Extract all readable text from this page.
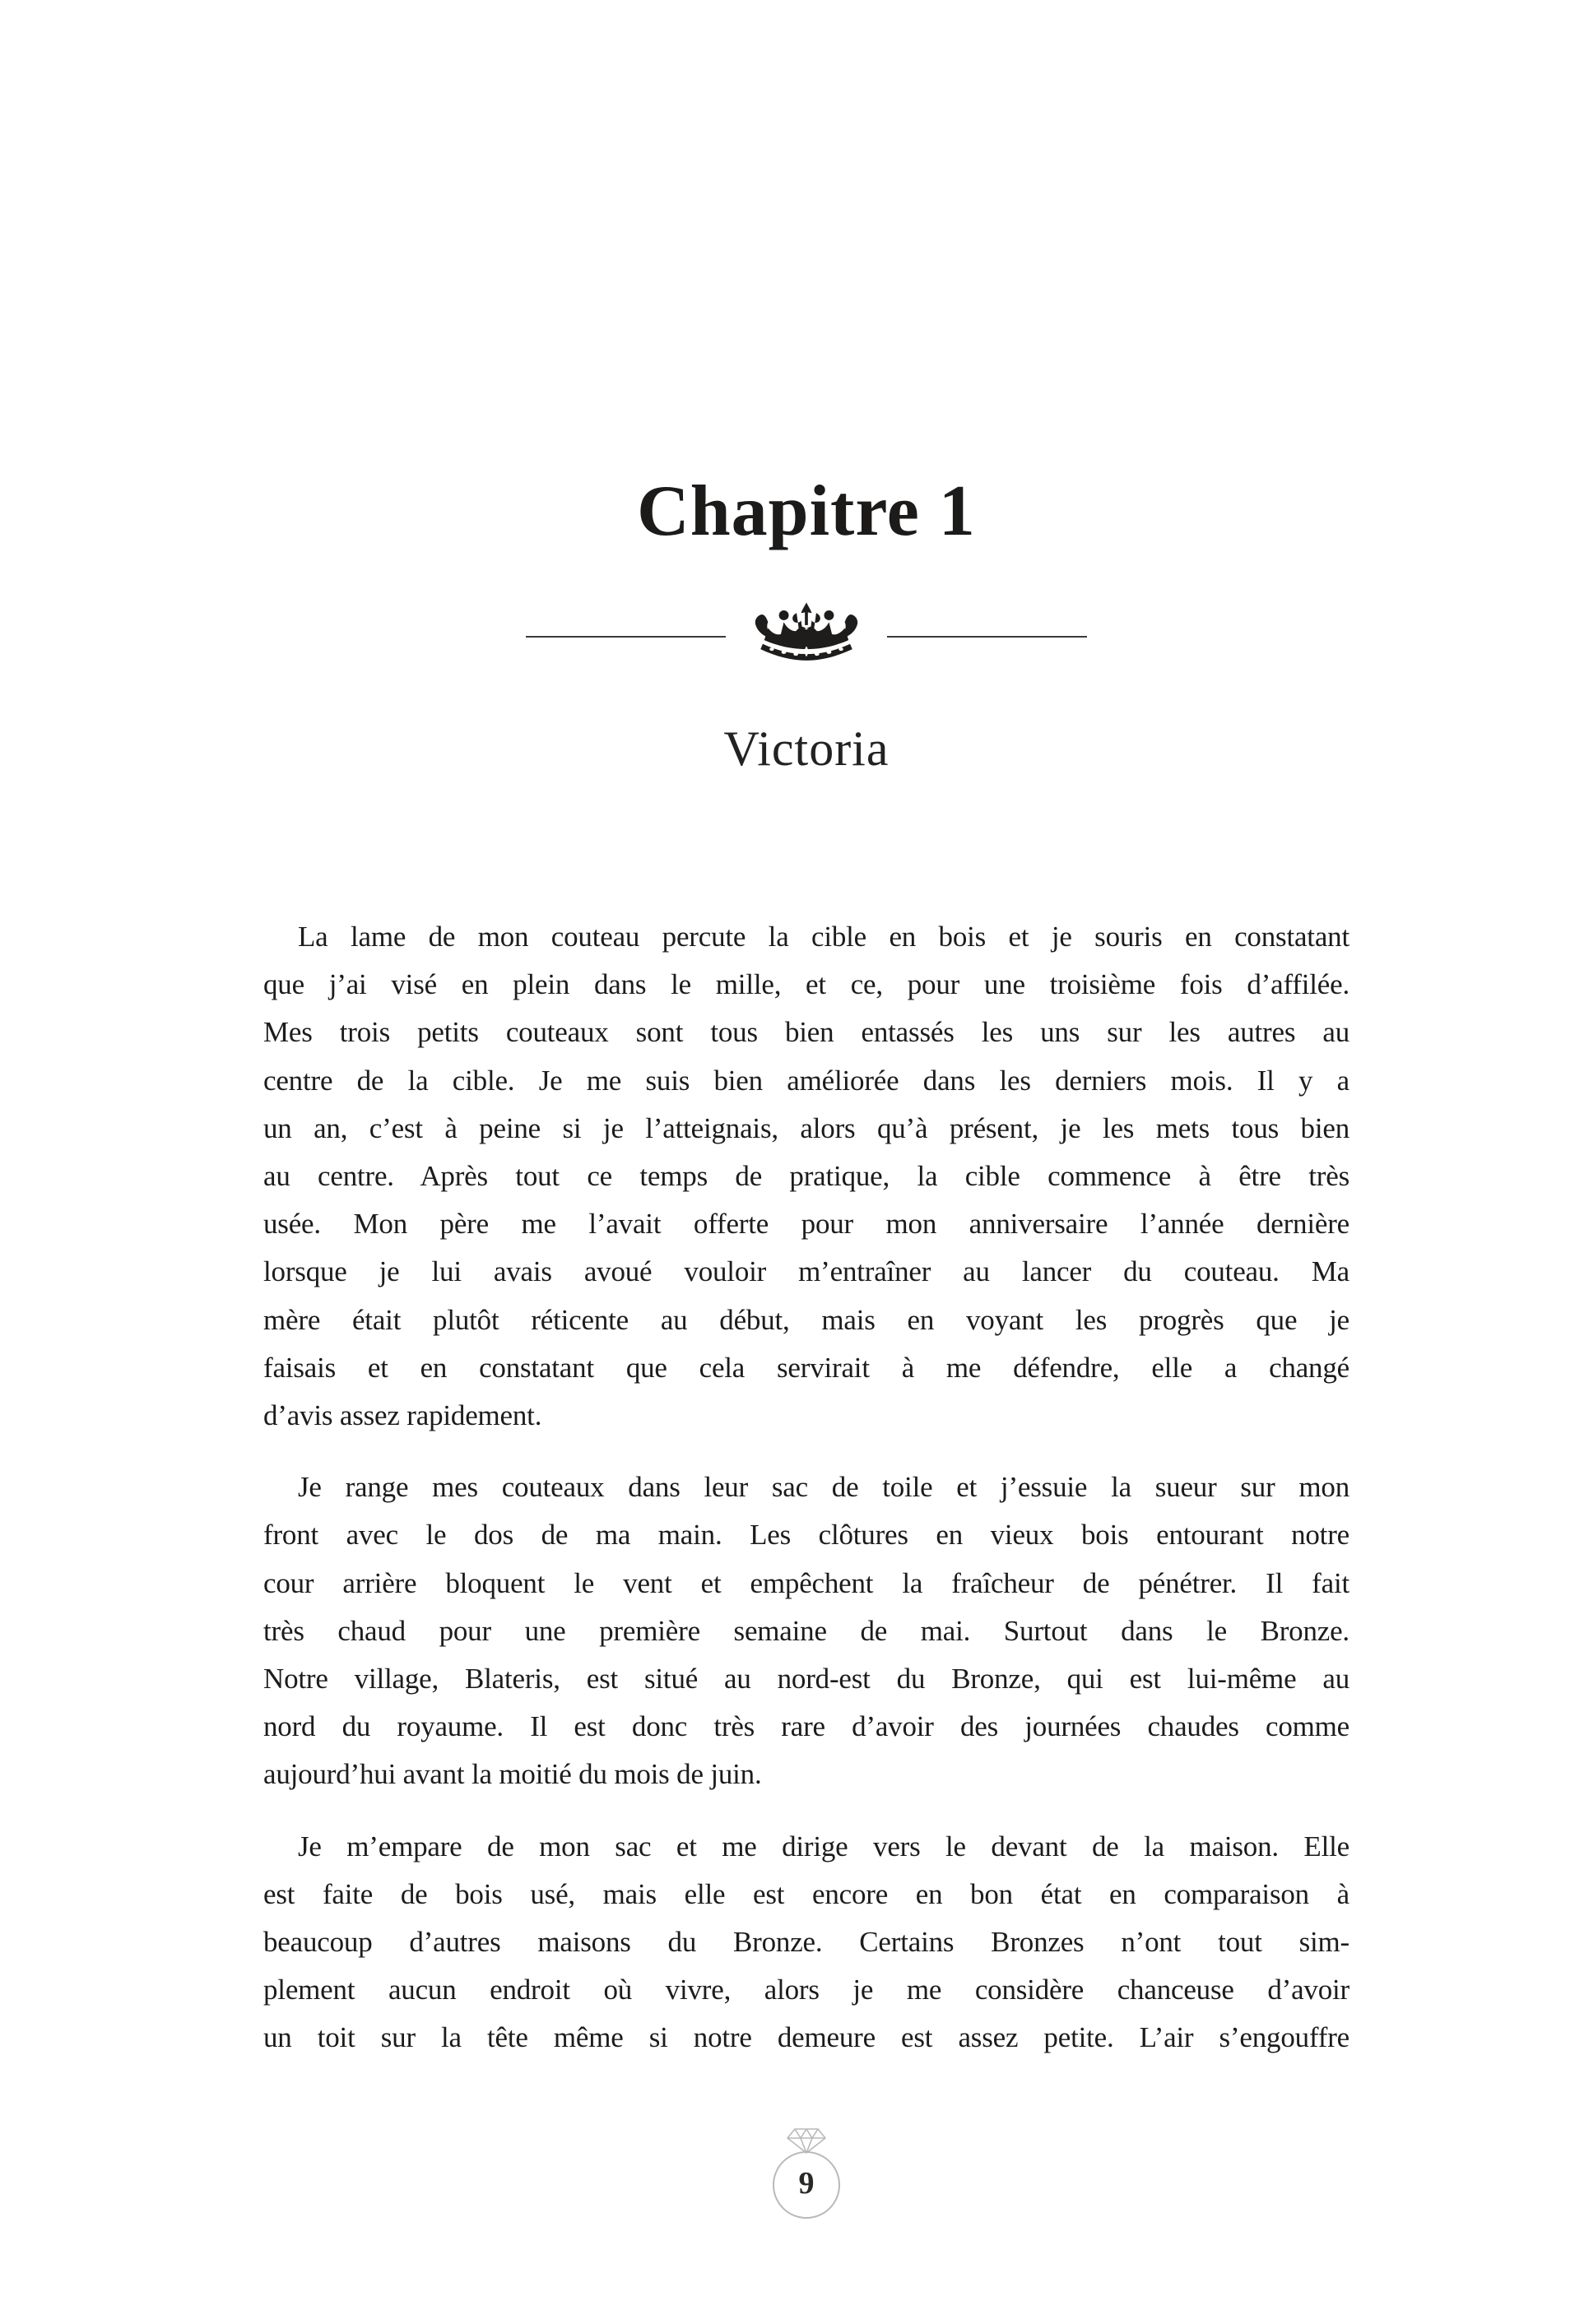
Chapitre 1
Victoria
La lame de mon couteau percute la cible en bois et je souris en constatant
que j’ai visé en plein dans le mille, et ce, pour une troisième fois d’affilée.
Mes trois petits couteaux sont tous bien entassés les uns sur les autres au
centre de la cible. Je me suis bien améliorée dans les derniers mois. Il y a
un an, c’est à peine si je l’atteignais, alors qu’à présent, je les mets tous bien
au centre. Après tout ce temps de pratique, la cible commence à être très
usée. Mon père me l’avait offerte pour mon anniversaire l’année dernière
lorsque je lui avais avoué vouloir m’entraîner au lancer du couteau. Ma
mère était plutôt réticente au début, mais en voyant les progrès que je
faisais et en constatant que cela servirait à me défendre, elle a changé
d’avis assez rapidement.
Je range mes couteaux dans leur sac de toile et j’essuie la sueur sur mon
front avec le dos de ma main. Les clôtures en vieux bois entourant notre
cour arrière bloquent le vent et empêchent la fraîcheur de pénétrer. Il fait
très chaud pour une première semaine de mai. Surtout dans le Bronze.
Notre village, Blateris, est situé au nord-est du Bronze, qui est lui-même au
nord du royaume. Il est donc très rare d’avoir des journées chaudes comme
aujourd’hui avant la moitié du mois de juin.
Je m’empare de mon sac et me dirige vers le devant de la maison. Elle
est faite de bois usé, mais elle est encore en bon état en comparaison à
beaucoup d’autres maisons du Bronze. Certains Bronzes n’ont tout sim-
plement aucun endroit où vivre, alors je me considère chanceuse d’avoir
un toit sur la tête même si notre demeure est assez petite. L’air s’engouffre
9
